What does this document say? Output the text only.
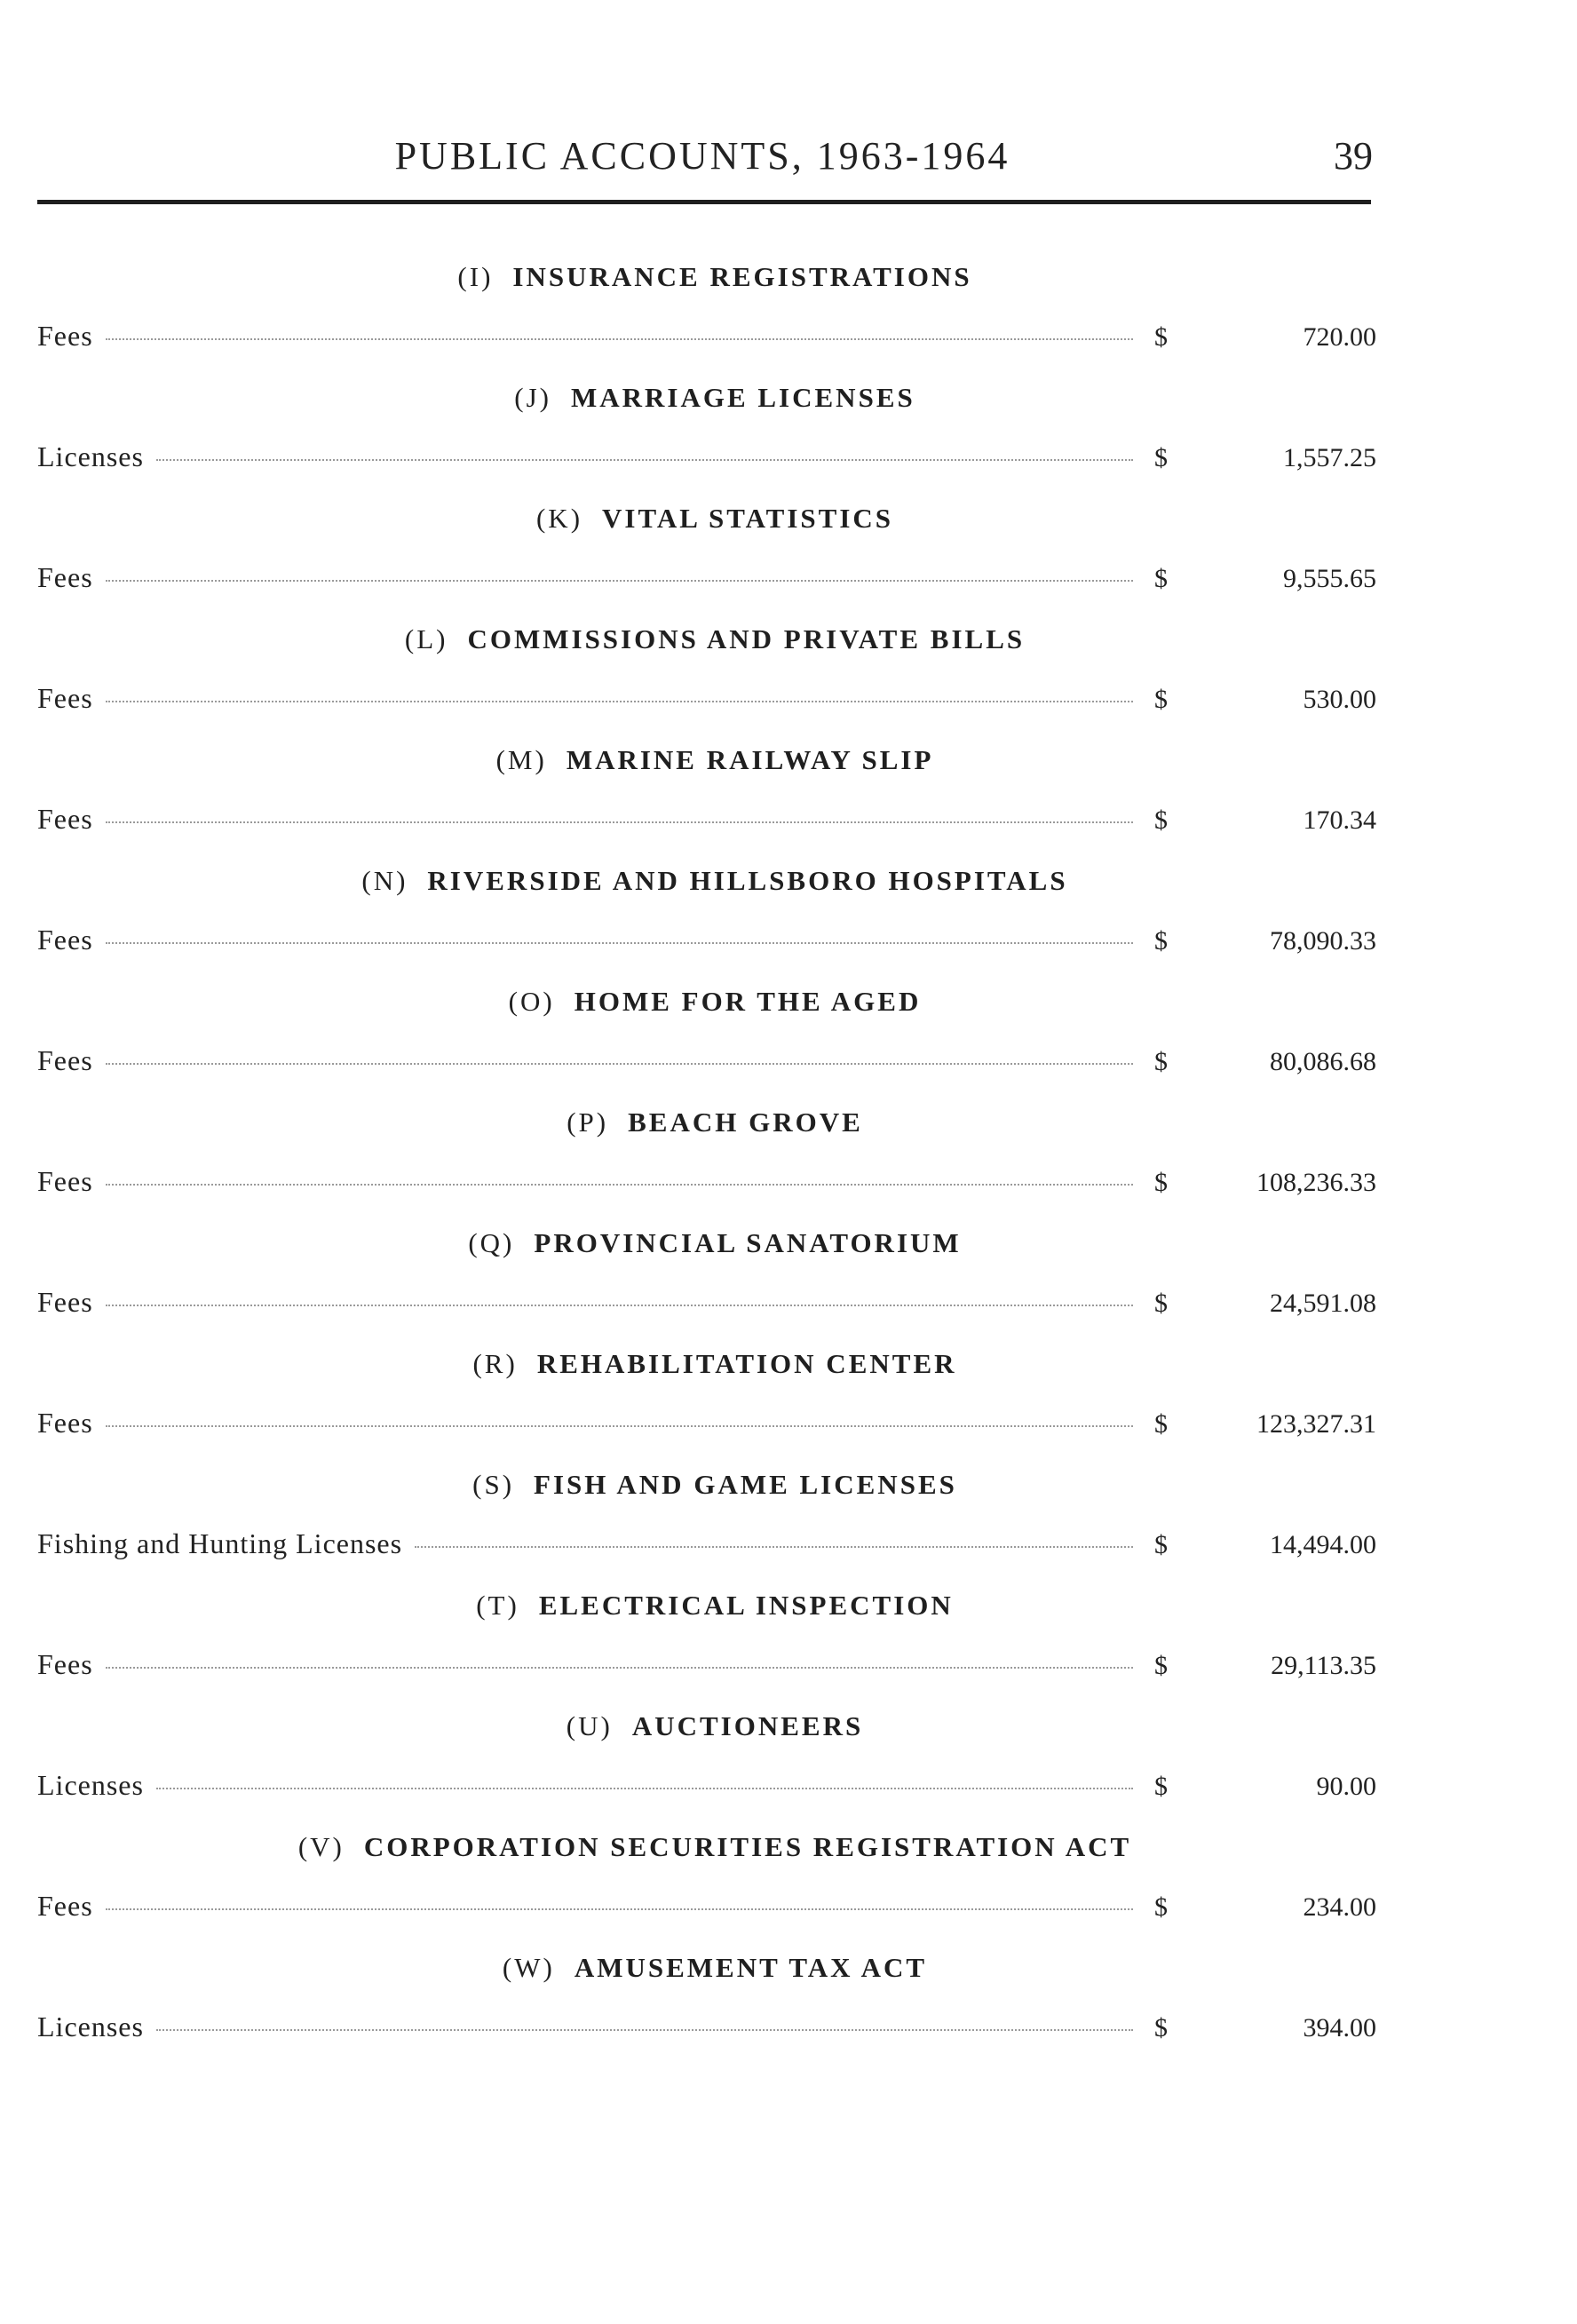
PUBLIC ACCOUNTS, 1963-1964	39
(I) INSURANCE REGISTRATIONS
Fees	$	720.00
(J) MARRIAGE LICENSES
Licenses	$	1,557.25
(K) VITAL STATISTICS
Fees	$	9,555.65
(L) COMMISSIONS AND PRIVATE BILLS
Fees	$	530.00
(M) MARINE RAILWAY SLIP
Fees	$	170.34
(N) RIVERSIDE AND HILLSBORO HOSPITALS
Fees	$	78,090.33
(O) HOME FOR THE AGED
Fees	$	80,086.68
(P) BEACH GROVE
Fees	$	108,236.33
(Q) PROVINCIAL SANATORIUM
Fees	$	24,591.08
(R) REHABILITATION CENTER
Fees	$	123,327.31
(S) FISH AND GAME LICENSES
Fishing and Hunting Licenses	$	14,494.00
(T) ELECTRICAL INSPECTION
Fees	$	29,113.35
(U) AUCTIONEERS
Licenses	$	90.00
(V) CORPORATION SECURITIES REGISTRATION ACT
Fees	$	234.00
(W) AMUSEMENT TAX ACT
Licenses	$	394.00
